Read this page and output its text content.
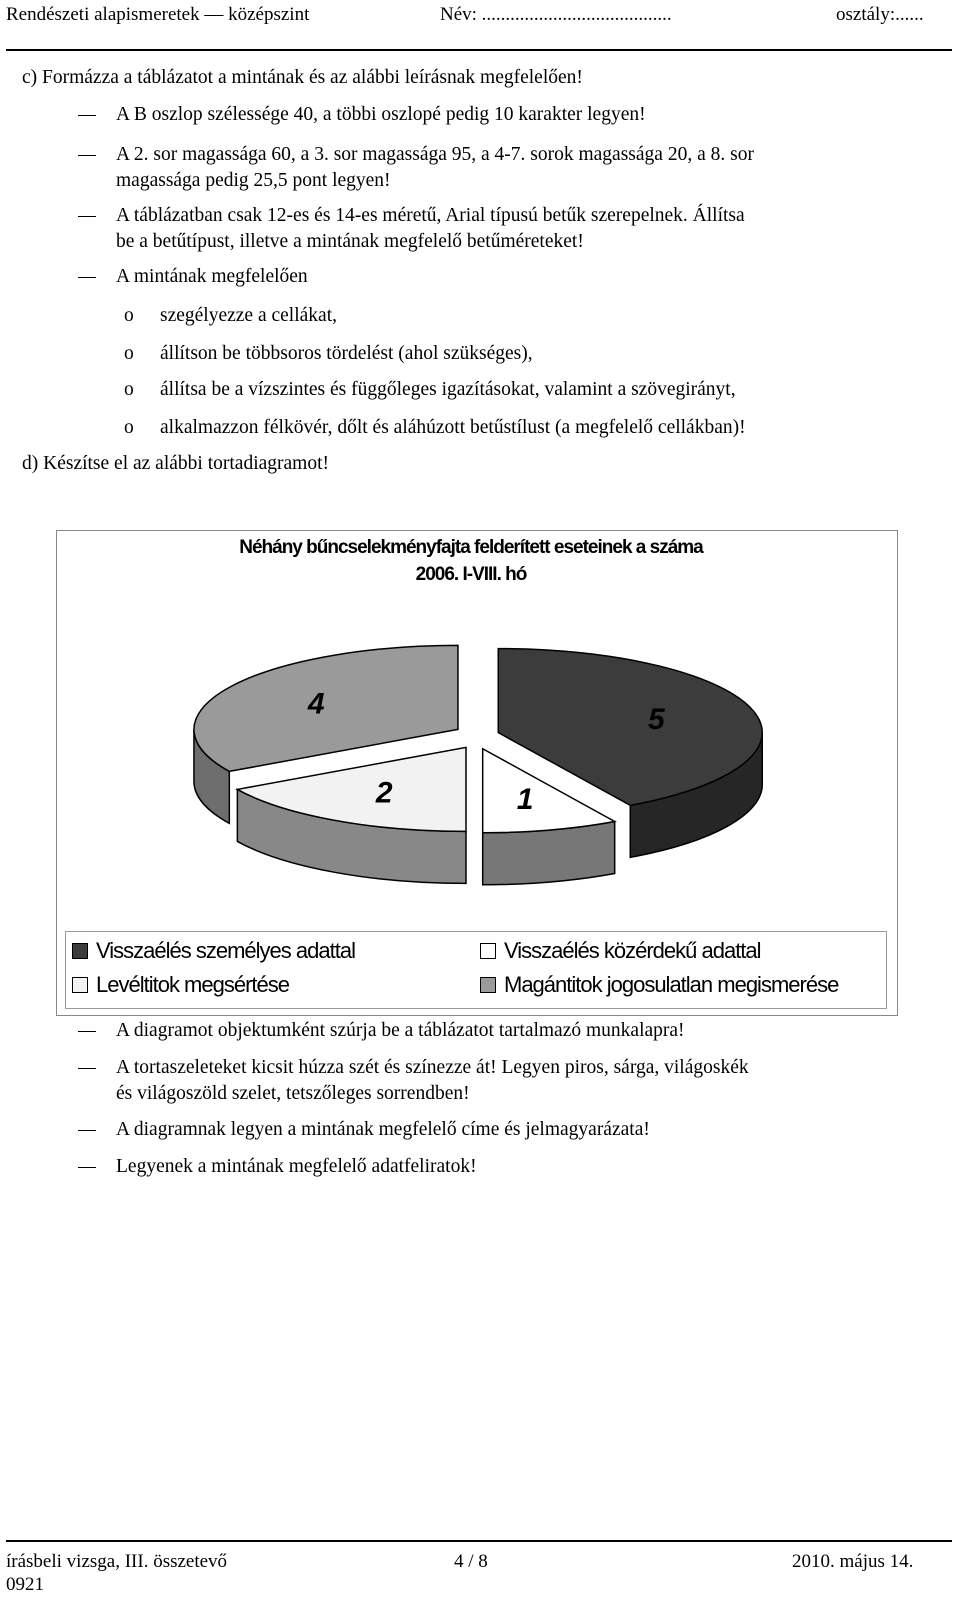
Rendészeti alapismeretek — középszint	Név: ........................................	osztály:......
c) Formázza a táblázatot a mintának és az alábbi leírásnak megfelelően!
A B oszlop szélessége 40, a többi oszlopé pedig 10 karakter legyen!
A 2. sor magassága 60, a 3. sor magassága 95, a 4-7. sorok magassága 20, a 8. sor
magassága pedig 25,5 pont legyen!
A táblázatban csak 12-es és 14-es méretű, Arial típusú betűk szerepelnek. Állítsa
be a betűtípust, illetve a mintának megfelelő betűméreteket!
A mintának megfelelően
o szegélyezze a cellákat,
o állítson be többsoros tördelést (ahol szükséges),
o állítsa be a vízszintes és függőleges igazításokat, valamint a szövegirányt,
o alkalmazzon félkövér, dőlt és aláhúzott betűstílust (a megfelelő cellákban)!
d) Készítse el az alábbi tortadiagramot!
Néhány bűncselekményfajta felderített eseteinek a száma
2006. I-VIII. hó
5
1
2
4
Visszaélés személyes adattal	Visszaélés közérdekű adattal
Levéltitok megsértése	Magántitok jogosulatlan megismerése
A diagramot objektumként szúrja be a táblázatot tartalmazó munkalapra!
A tortaszeleteket kicsit húzza szét és színezze át! Legyen piros, sárga, világoskék
és világoszöld szelet, tetszőleges sorrendben!
A diagramnak legyen a mintának megfelelő címe és jelmagyarázata!
Legyenek a mintának megfelelő adatfeliratok!
írásbeli vizsga, III. összetevő
0921
4 / 8	2010. május 14.
